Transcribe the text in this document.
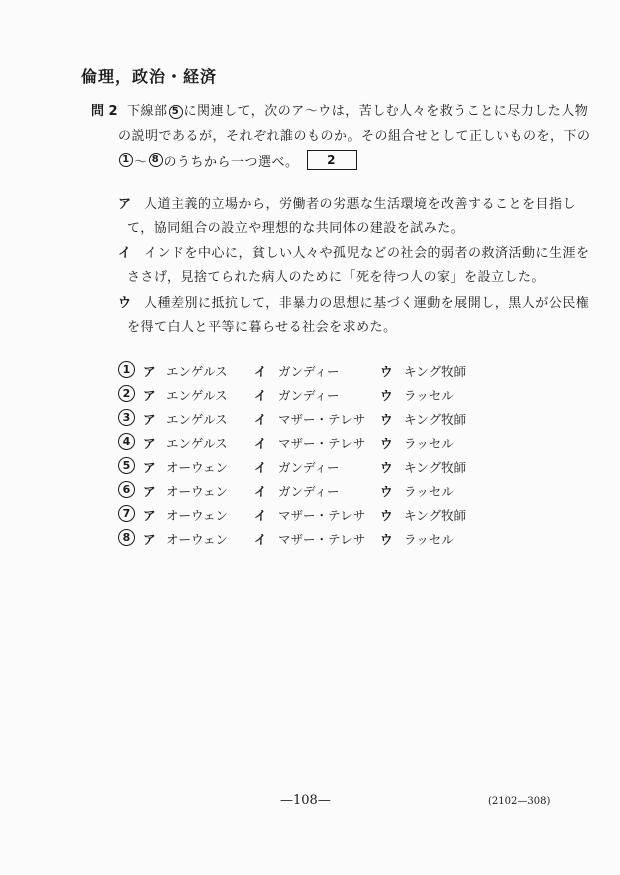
倫理，政治・経済
問 2 下線部 5 に関連して，次のア～ウは，苦しむ人々を救うことに尽力した人物
の説明であるが，それぞれ誰のものか。その組合せとして正しいものを，下の
1 ～ 8 のうちから一つ選べ。	2
ア 人道主義的立場から，労働者の劣悪な生活環境を改善することを目指し
て，協同組合の設立や理想的な共同体の建設を試みた。
イ インドを中心に，貧しい人々や孤児などの社会的弱者の救済活動に生涯を
ささげ，見捨てられた病人のために「死を待つ人の家」を設立した。
ウ 人種差別に抵抗して，非暴力の思想に基づく運動を展開し，黒人が公民権
を得て白人と平等に暮らせる社会を求めた。
1	ア エンゲルス イ ガンディー	ウ キング牧師
2	ア エンゲルス イ ガンディー	ウ ラッセル
3	ア エンゲルス イ マザー・テレサ ウ キング牧師
4	ア エンゲルス イ マザー・テレサ ウ ラッセル
5	ア オーウェン イ ガンディー	ウ キング牧師
6	ア オーウェン イ ガンディー	ウ ラッセル
7	ア オーウェン イ マザー・テレサ ウ キング牧師
8	ア オーウェン イ マザー・テレサ ウ ラッセル
—108—	(2102—308)
